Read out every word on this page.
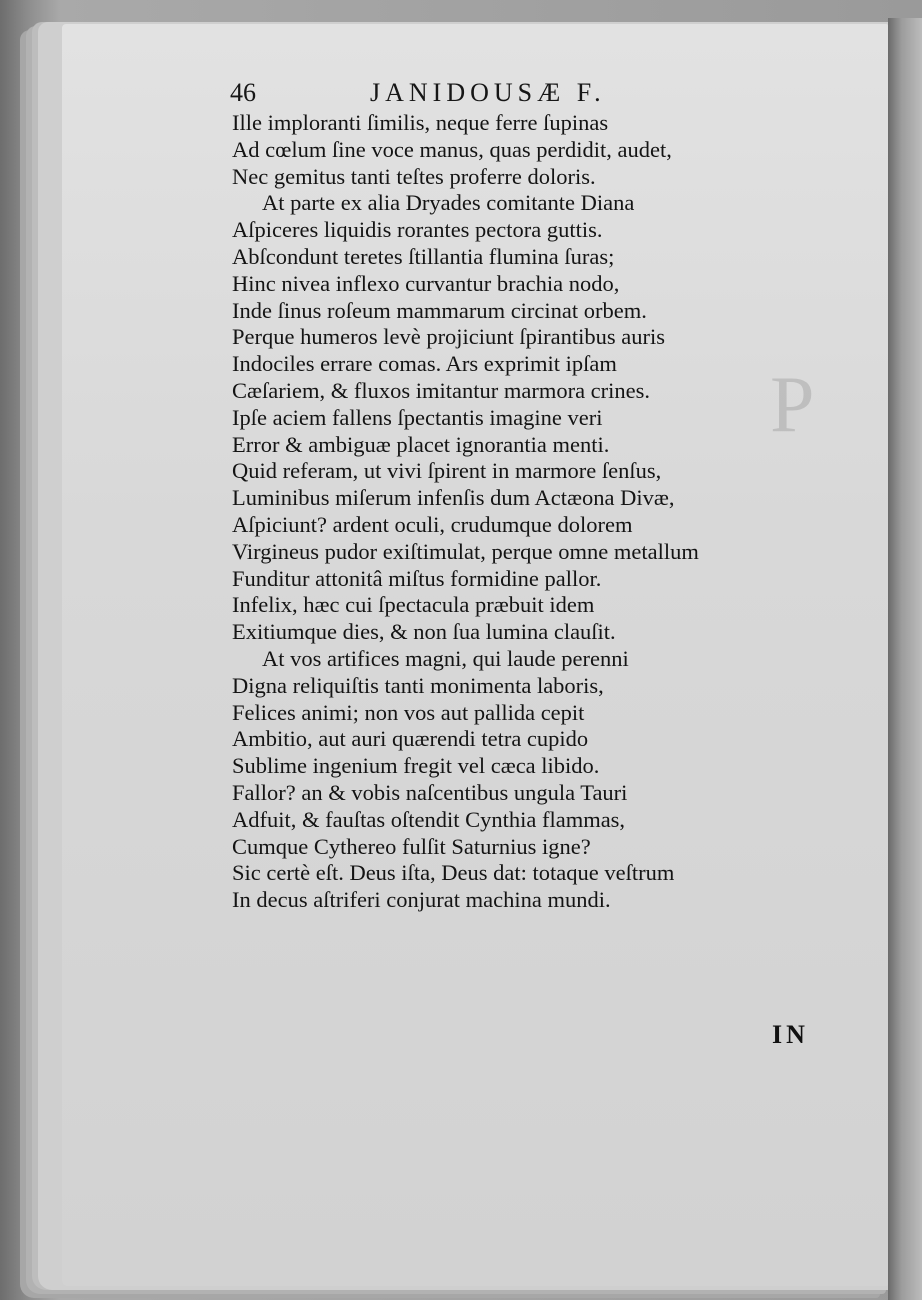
P
46	JANIDOUSÆ F.
Ille imploranti ſimilis, neque ferre ſupinas
Ad cœlum ſine voce manus, quas perdidit, audet,
Nec gemitus tanti teſtes proferre doloris.
At parte ex alia Dryades comitante Diana
Aſpiceres liquidis rorantes pectora guttis.
Abſcondunt teretes ſtillantia flumina ſuras;
Hinc nivea inflexo curvantur brachia nodo,
Inde ſinus roſeum mammarum circinat orbem.
Perque humeros levè projiciunt ſpirantibus auris
Indociles errare comas. Ars exprimit ipſam
Cæſariem, & fluxos imitantur marmora crines.
Ipſe aciem fallens ſpectantis imagine veri
Error & ambiguæ placet ignorantia menti.
Quid referam, ut vivi ſpirent in marmore ſenſus,
Luminibus miſerum infenſis dum Actæona Divæ,
Aſpiciunt? ardent oculi, crudumque dolorem
Virgineus pudor exiſtimulat, perque omne metallum
Funditur attonitâ miſtus formidine pallor.
Infelix, hæc cui ſpectacula præbuit idem
Exitiumque dies, & non ſua lumina clauſit.
At vos artifices magni, qui laude perenni
Digna reliquiſtis tanti monimenta laboris,
Felices animi; non vos aut pallida cepit
Ambitio, aut auri quærendi tetra cupido
Sublime ingenium fregit vel cæca libido.
Fallor? an & vobis naſcentibus ungula Tauri
Adfuit, & fauſtas oſtendit Cynthia flammas,
Cumque Cythereo fulſit Saturnius igne?
Sic certè eſt. Deus iſta, Deus dat: totaque veſtrum
In decus aſtriferi conjurat machina mundi.
IN
